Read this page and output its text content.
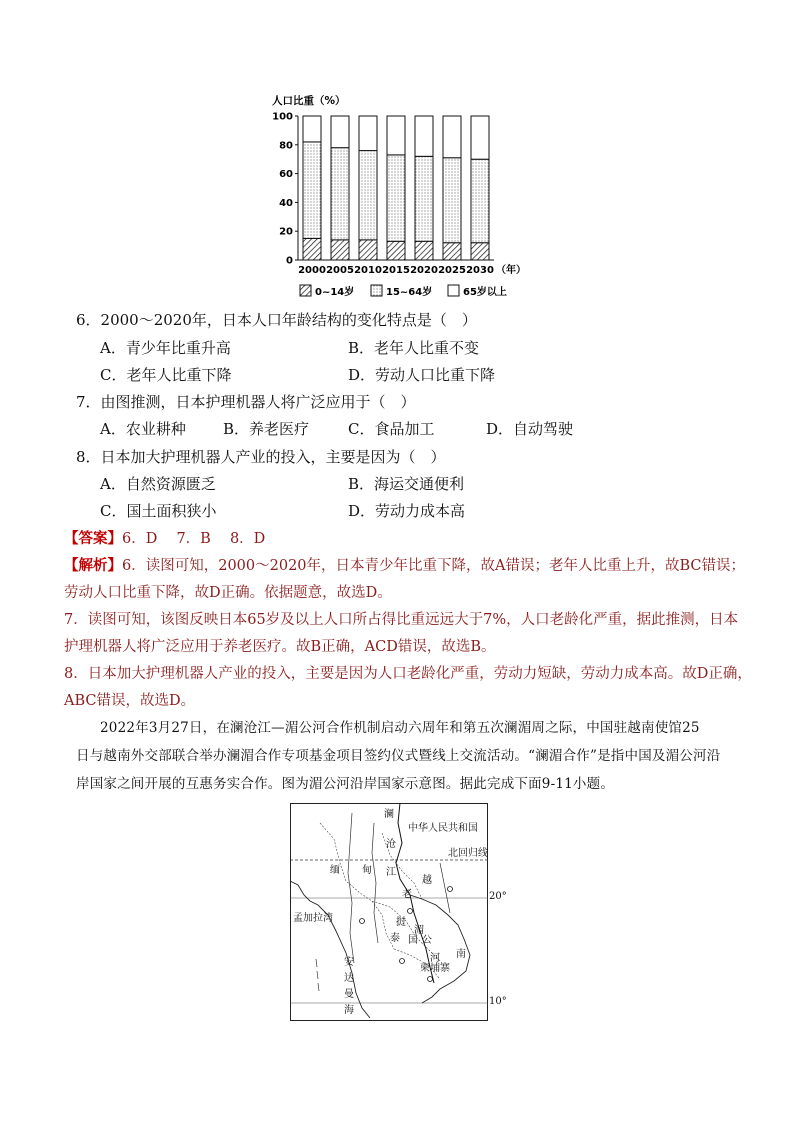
人口比重（%）
100
80
60
40
20
0
2000 2005 2010 2015 2020 2025 2030 （年）
0~14岁	15~64岁	65岁以上
6．2000～2020年，日本人口年龄结构的变化特点是（　）
A．青少年比重升高	B．老年人比重不变
C．老年人比重下降	D．劳动人口比重下降
7．由图推测，日本护理机器人将广泛应用于（　）
A．农业耕种 B．养老医疗	C．食品加工	D．自动驾驶
8．日本加大护理机器人产业的投入，主要是因为（　）
A．自然资源匮乏	B．海运交通便利
C．国土面积狭小	D．劳动力成本高
【答案】6．D　 7．B　 8．D
【解析】6．读图可知，2000～2020年，日本青少年比重下降，故A错误；老年人比重上升，故BC错误；
劳动人口比重下降，故D正确。依据题意，故选D。
7．读图可知，该图反映日本65岁及以上人口所占得比重远远大于7%，人口老龄化严重，据此推测，日本
护理机器人将广泛应用于养老医疗。故B正确，ACD错误，故选B。
8．日本加大护理机器人产业的投入，主要是因为人口老龄化严重，劳动力短缺，劳动力成本高。故D正确，
ABC错误，故选D。
2022年3月27日，在澜沧江—湄公河合作机制启动六周年和第五次澜湄周之际，中国驻越南使馆25
日与越南外交部联合举办澜湄合作专项基金项目签约仪式暨线上交流活动。“澜湄合作”是指中国及湄公河沿
岸国家之间开展的互惠务实合作。图为湄公河沿岸国家示意图。据此完成下面9-11小题。
澜
中华人民共和国
沧
北回归线
缅 甸 江
越
老	20°
孟加拉湾	挝
湄
泰 国 公
河 南
柬埔寨
安
达
曼
海
10°
